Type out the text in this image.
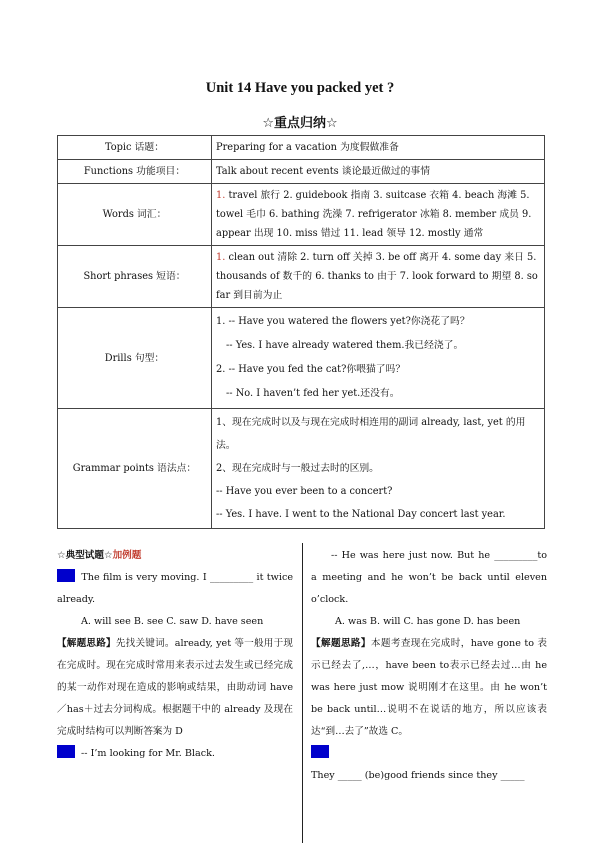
Unit 14 Have you packed yet ?
☆重点归纳☆
Topic 话题：	Preparing for a vacation 为度假做准备
Functions 功能项目：	Talk about recent events 谈论最近做过的事情
Words 词汇：	1. travel 旅行 2. guidebook 指南 3. suitcase 衣箱 4. beach 海滩 5. towel 毛巾 6. bathing 洗澡 7. refrigerator 冰箱 8. member 成员 9. appear 出现 10. miss 错过 11. lead 领导 12. mostly 通常
Short phrases 短语：	1. clean out 清除 2. turn off 关掉 3. be off 离开 4. some day 来日 5. thousands of 数千的 6. thanks to 由于 7. look forward to 期望 8. so far 到目前为止
Drills 句型：	1. -- Have you watered the flowers yet?你浇花了吗？
-- Yes. I have already watered them.我已经浇了。
2. -- Have you fed the cat?你喂猫了吗？
-- No. I haven’t fed her yet.还没有。

Grammar points 语法点：	1、现在完成时以及与现在完成时相连用的副词 already, last, yet 的用法。
2、现在完成时与一般过去时的区别。
-- Have you ever been to a concert?
-- Yes. I have. I went to the National Day concert last year.

☆典型试题☆加例题

The film is very moving. I _________ it twice already.

A. will see B. see C. saw D. have seen

【解题思路】先找关键词。already, yet 等一般用于现在完成时。现在完成时常用来表示过去发生或已经完成的某一动作对现在造成的影响或结果，由助动词 have／has＋过去分词构成。根据题干中的 already 及现在完成时结构可以判断答案为 D

-- I’m looking for Mr. Black.

-- He was here just now. But he _________to a meeting and he won’t be back until eleven o’clock.

A. was B. will C. has gone D. has been

【解题思路】本题考查现在完成时，have gone to 表示已经去了,…，have been to表示已经去过…由 he was here just mow 说明刚才在这里。由 he won’t be back until…说明不在说话的地方，所以应该表达“到…去了”故选 C。

They _____ (be)good friends since they _____
